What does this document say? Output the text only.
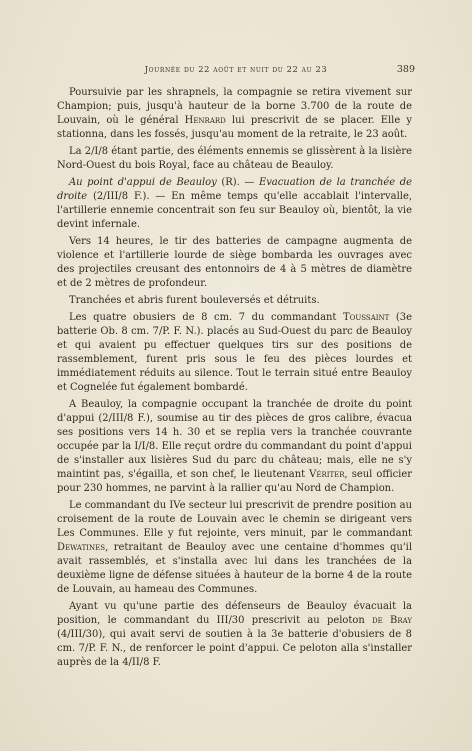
Journée du 22 août et nuit du 22 au 23	389

Poursuivie par les shrapnels, la compagnie se retira vivement sur Champion; puis, jusqu'à hauteur de la borne 3.700 de la route de Louvain, où le général Henrard lui prescrivit de se placer. Elle y stationna, dans les fossés, jusqu'au moment de la retraite, le 23 août.

La 2/I/8 étant partie, des éléments ennemis se glissèrent à la lisière Nord-Ouest du bois Royal, face au château de Beauloy.

Au point d'appui de Beauloy (R). — Evacuation de la tranchée de droite (2/III/8 F.). — En même temps qu'elle accablait l'intervalle, l'artillerie ennemie concentrait son feu sur Beauloy où, bientôt, la vie devint infernale.

Vers 14 heures, le tir des batteries de campagne augmenta de violence et l'artillerie lourde de siège bombarda les ouvrages avec des projectiles creusant des entonnoirs de 4 à 5 mètres de diamètre et de 2 mètres de profondeur.

Tranchées et abris furent bouleversés et détruits.

Les quatre obusiers de 8 cm. 7 du commandant Toussaint (3e batterie Ob. 8 cm. 7/P. F. N.). placés au Sud-Ouest du parc de Beauloy et qui avaient pu effectuer quelques tirs sur des positions de rassemblement, furent pris sous le feu des pièces lourdes et immédiatement réduits au silence. Tout le terrain situé entre Beauloy et Cognelée fut également bombardé.

A Beauloy, la compagnie occupant la tranchée de droite du point d'appui (2/III/8 F.), soumise au tir des pièces de gros calibre, évacua ses positions vers 14 h. 30 et se replia vers la tranchée couvrante occupée par la I/I/8. Elle reçut ordre du commandant du point d'appui de s'installer aux lisières Sud du parc du château; mais, elle ne s'y maintint pas, s'égailla, et son chef, le lieutenant Vériter, seul officier pour 230 hommes, ne parvint à la rallier qu'au Nord de Champion.

Le commandant du IVe secteur lui prescrivit de prendre position au croisement de la route de Louvain avec le chemin se dirigeant vers Les Communes. Elle y fut rejointe, vers minuit, par le commandant Dewatines, retraitant de Beauloy avec une centaine d'hommes qu'il avait rassemblés, et s'installa avec lui dans les tranchées de la deuxième ligne de défense situées à hauteur de la borne 4 de la route de Louvain, au hameau des Communes.

Ayant vu qu'une partie des défenseurs de Beauloy évacuait la position, le commandant du III/30 prescrivit au peloton de Bray (4/III/30), qui avait servi de soutien à la 3e batterie d'obusiers de 8 cm. 7/P. F. N., de renforcer le point d'appui. Ce peloton alla s'installer auprès de la 4/II/8 F.
